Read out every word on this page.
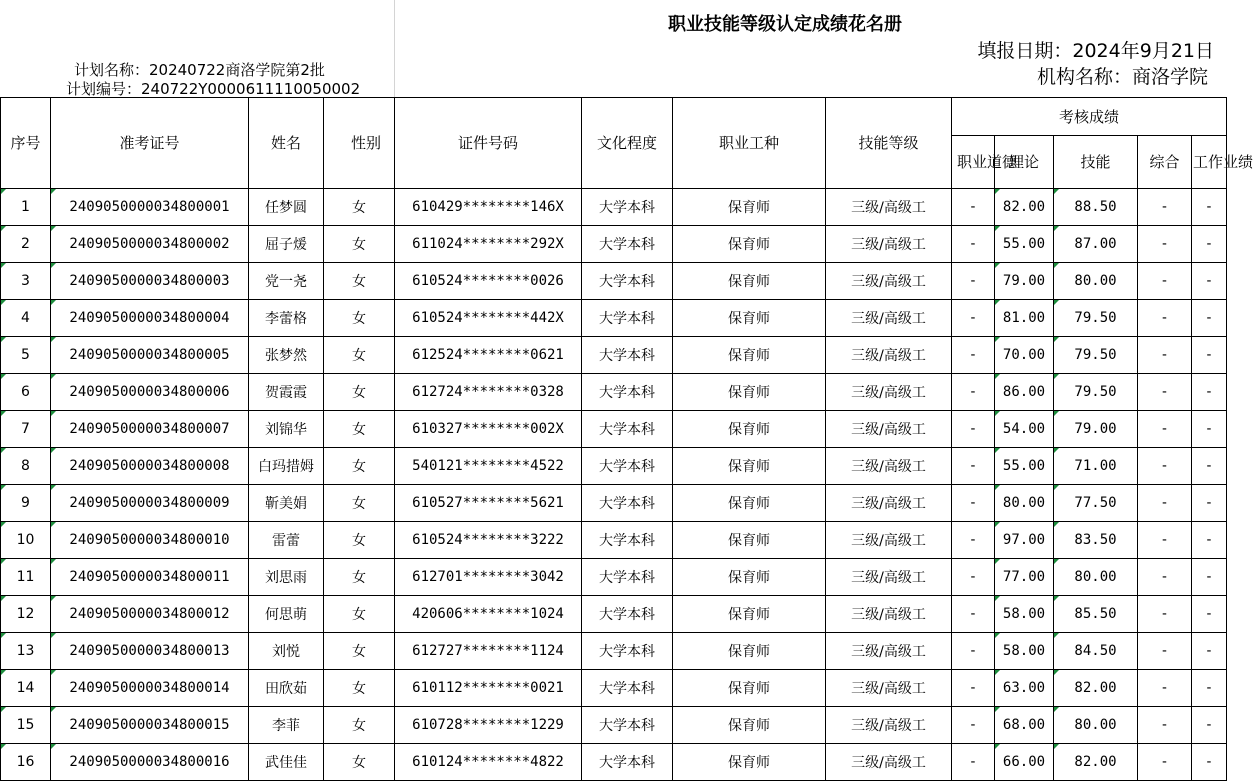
计划名称：20240722商洛学院第2批
计划编号：240722Y0000611110050002
职业技能等级认定成绩花名册
填报日期：2024年9月21日
机构名称：商洛学院
序号	准考证号	姓名	性别	证件号码	文化程度	职业工种	技能等级	考核成绩				

								职业道德	理论	技能	综合	工作业绩

1	2409050000034800001	任梦圆	女	610429********146X	大学本科	保育师	三级/高级工	-	82.00	88.50	-	-
2	2409050000034800002	屈子煖	女	611024********292X	大学本科	保育师	三级/高级工	-	55.00	87.00	-	-
3	2409050000034800003	党一尧	女	610524********0026	大学本科	保育师	三级/高级工	-	79.00	80.00	-	-
4	2409050000034800004	李蕾格	女	610524********442X	大学本科	保育师	三级/高级工	-	81.00	79.50	-	-
5	2409050000034800005	张梦然	女	612524********0621	大学本科	保育师	三级/高级工	-	70.00	79.50	-	-
6	2409050000034800006	贺霞霞	女	612724********0328	大学本科	保育师	三级/高级工	-	86.00	79.50	-	-
7	2409050000034800007	刘锦华	女	610327********002X	大学本科	保育师	三级/高级工	-	54.00	79.00	-	-
8	2409050000034800008	白玛措姆	女	540121********4522	大学本科	保育师	三级/高级工	-	55.00	71.00	-	-
9	2409050000034800009	靳美娟	女	610527********5621	大学本科	保育师	三级/高级工	-	80.00	77.50	-	-
10	2409050000034800010	雷蕾	女	610524********3222	大学本科	保育师	三级/高级工	-	97.00	83.50	-	-
11	2409050000034800011	刘思雨	女	612701********3042	大学本科	保育师	三级/高级工	-	77.00	80.00	-	-
12	2409050000034800012	何思萌	女	420606********1024	大学本科	保育师	三级/高级工	-	58.00	85.50	-	-
13	2409050000034800013	刘悦	女	612727********1124	大学本科	保育师	三级/高级工	-	58.00	84.50	-	-
14	2409050000034800014	田欣茹	女	610112********0021	大学本科	保育师	三级/高级工	-	63.00	82.00	-	-
15	2409050000034800015	李菲	女	610728********1229	大学本科	保育师	三级/高级工	-	68.00	80.00	-	-
16	2409050000034800016	武佳佳	女	610124********4822	大学本科	保育师	三级/高级工	-	66.00	82.00	-	-
